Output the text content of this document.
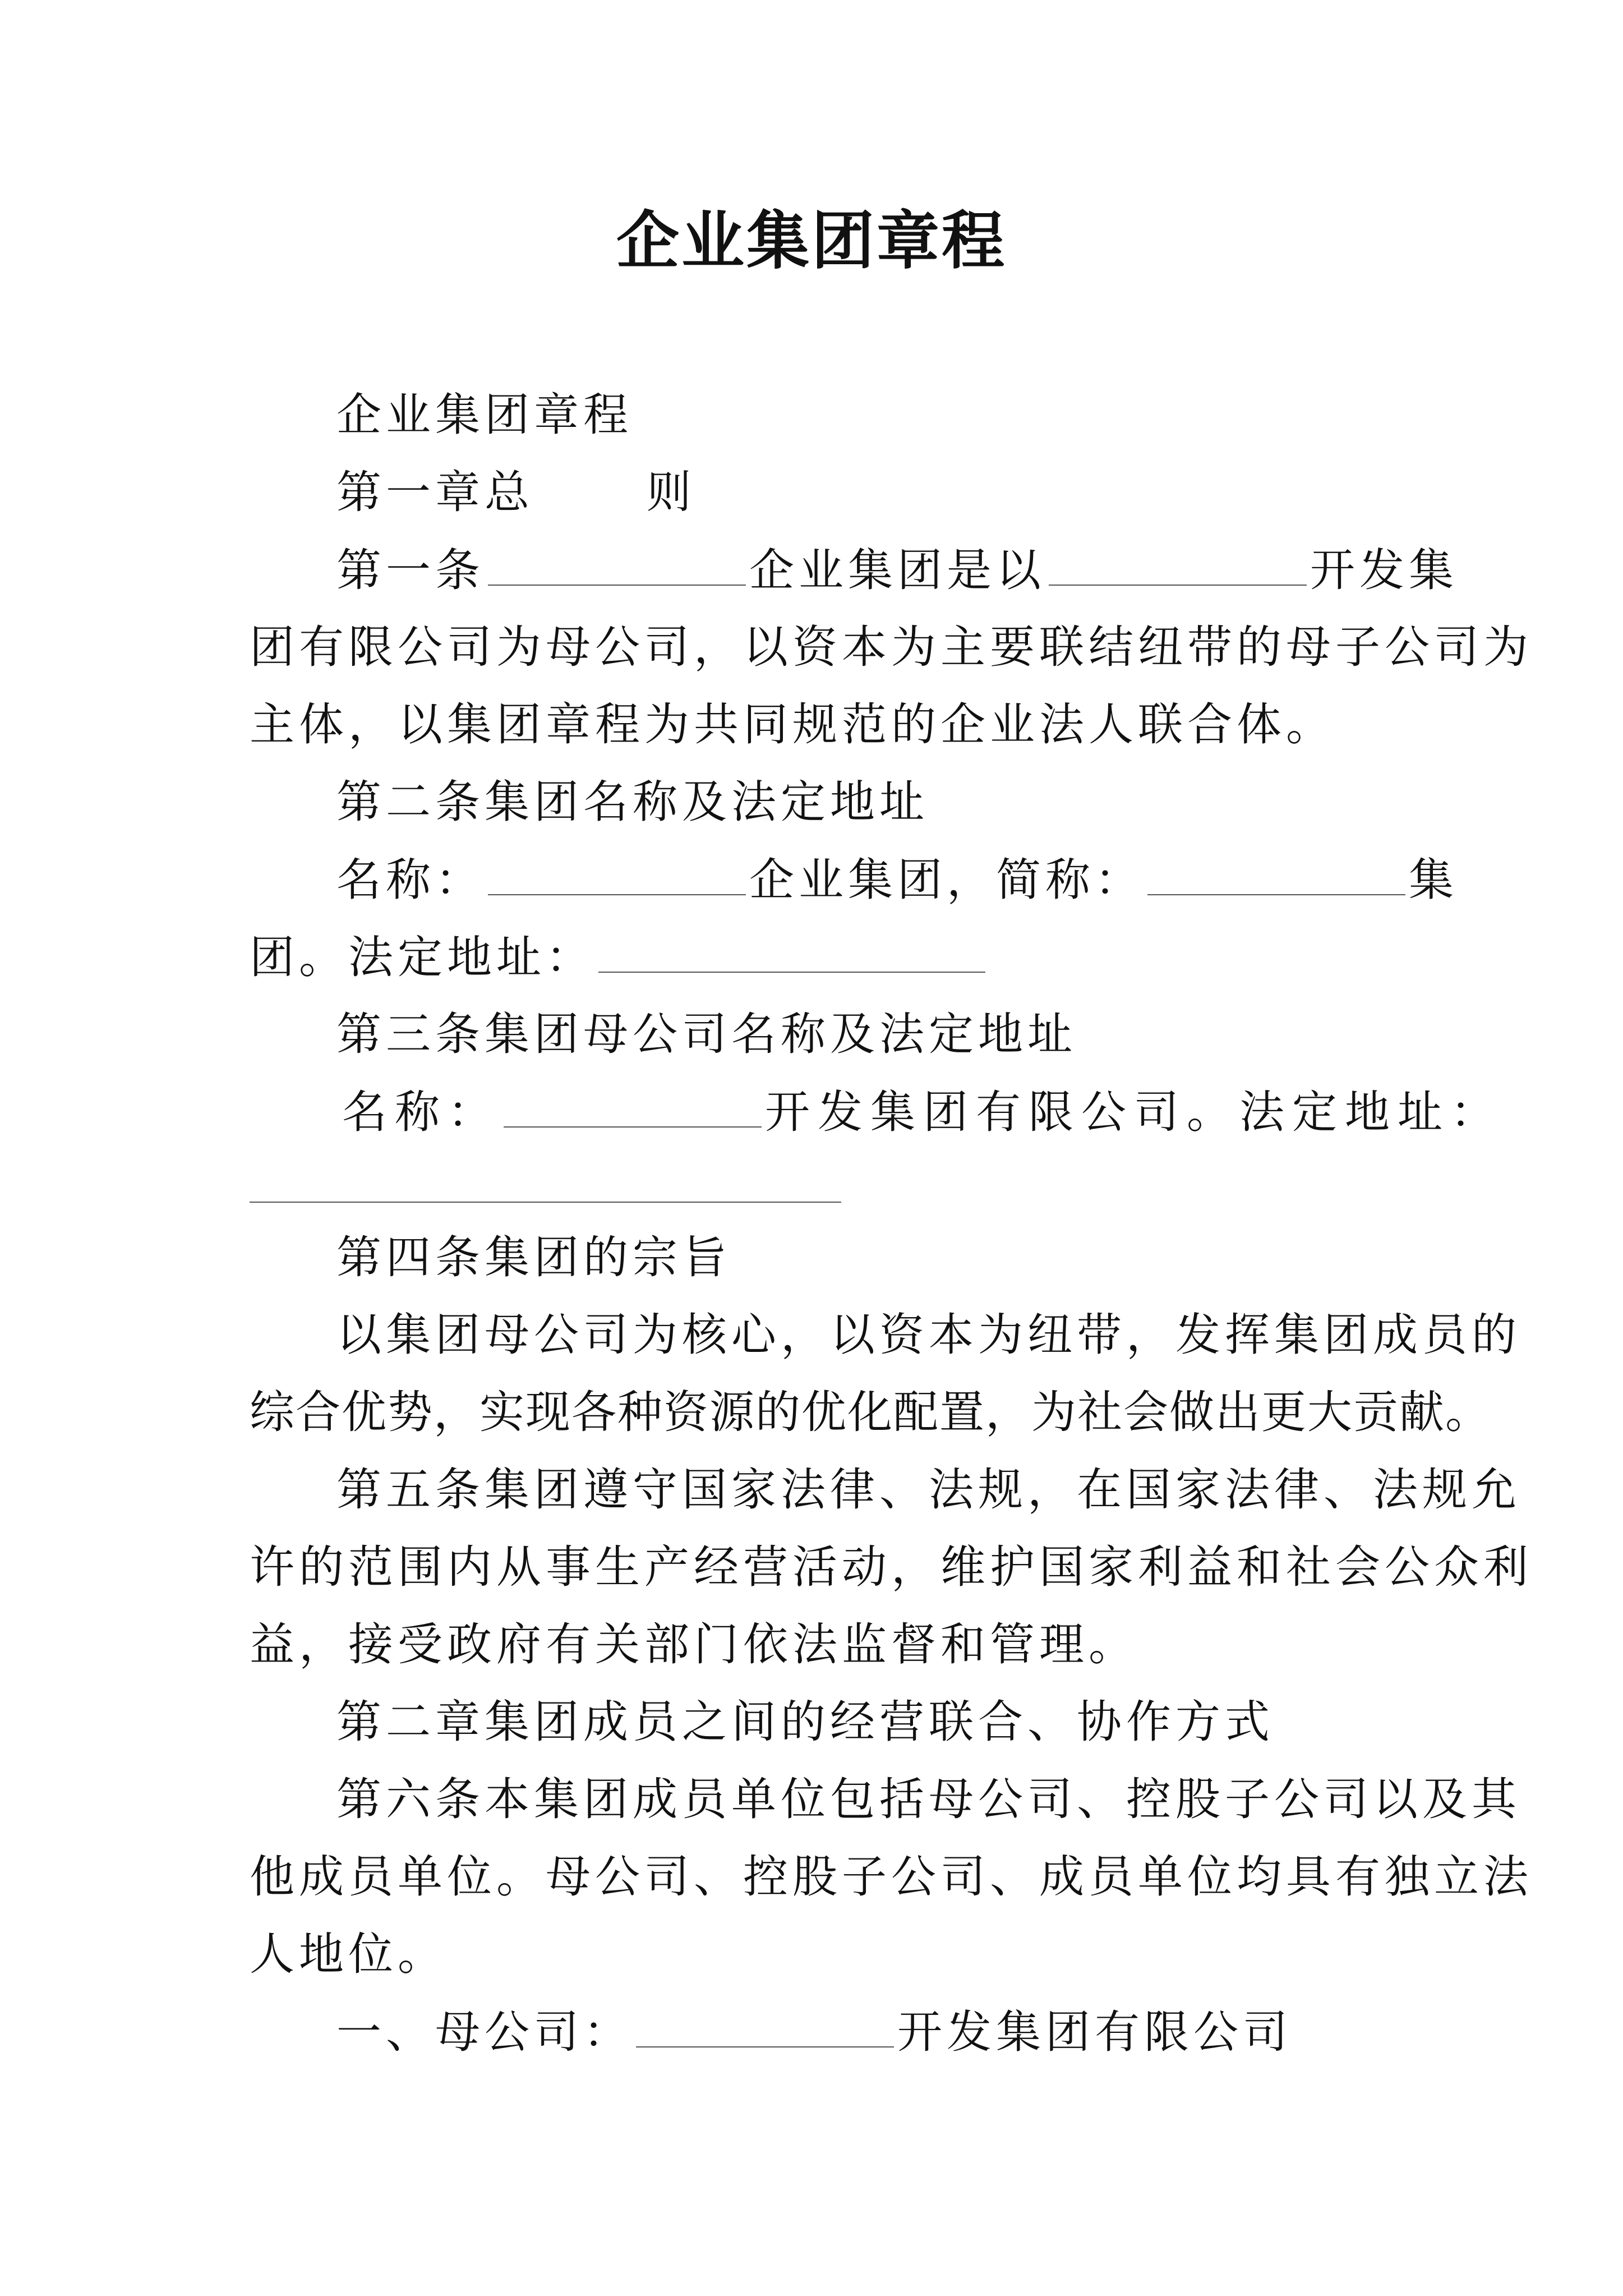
企业集团章程
企业集团章程
第一章总      则
第一条	企业集团是以	开发集
团有限公司为母公司，以资本为主要联结纽带的母子公司为
主体，以集团章程为共同规范的企业法人联合体。
第二条集团名称及法定地址
名称：	企业集团，简称：	集
团。法定地址：
第三条集团母公司名称及法定地址
名称：	开发集团有限公司。法定地址：
第四条集团的宗旨
以集团母公司为核心，以资本为纽带，发挥集团成员的
综合优势，实现各种资源的优化配置，为社会做出更大贡献。
第五条集团遵守国家法律、法规，在国家法律、法规允
许的范围内从事生产经营活动，维护国家利益和社会公众利
益，接受政府有关部门依法监督和管理。
第二章集团成员之间的经营联合、协作方式
第六条本集团成员单位包括母公司、控股子公司以及其
他成员单位。母公司、控股子公司、成员单位均具有独立法
人地位。
一、母公司：	开发集团有限公司
